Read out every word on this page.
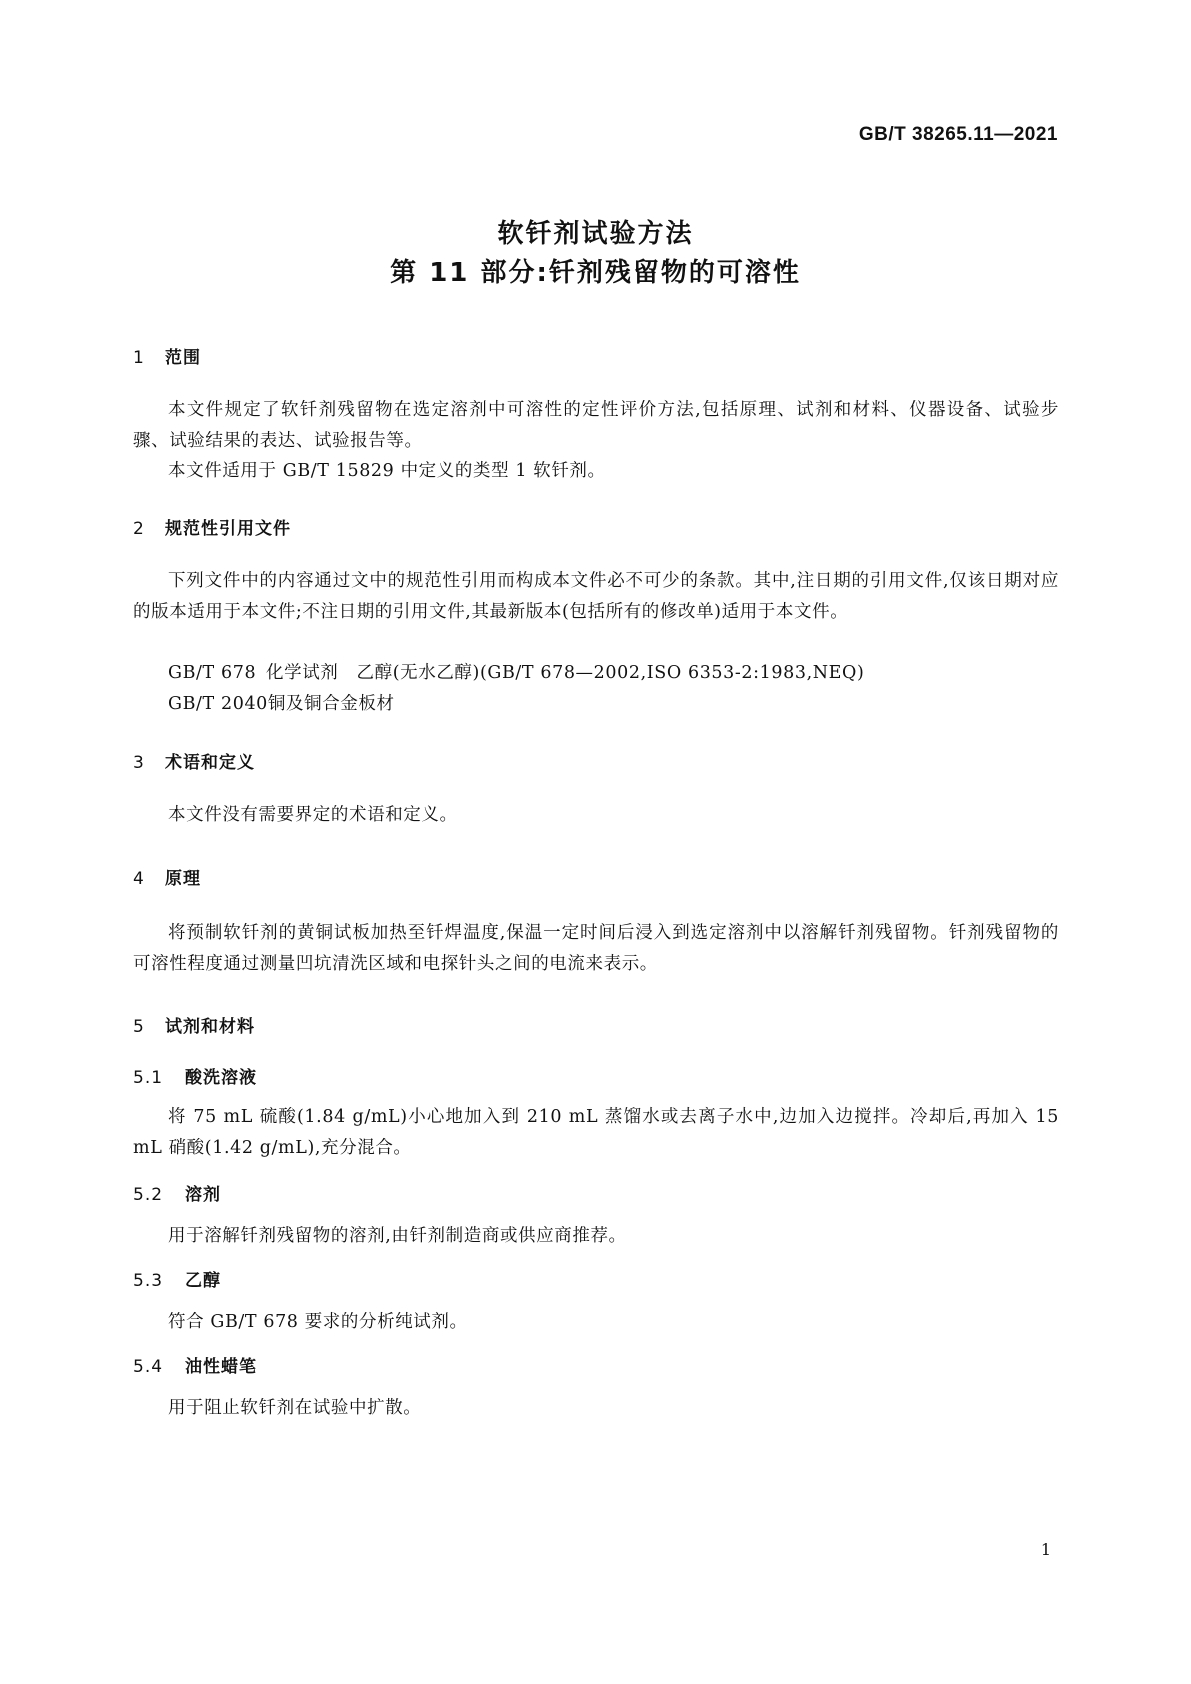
GB/T 38265.11—2021
软钎剂试验方法
第 11 部分:钎剂残留物的可溶性
1 范围

本文件规定了软钎剂残留物在选定溶剂中可溶性的定性评价方法,包括原理、试剂和材料、仪器设备、试验步骤、试验结果的表达、试验报告等。

本文件适用于 GB/T 15829 中定义的类型 1 软钎剂。

2 规范性引用文件

下列文件中的内容通过文中的规范性引用而构成本文件必不可少的条款。其中,注日期的引用文件,仅该日期对应的版本适用于本文件;不注日期的引用文件,其最新版本(包括所有的修改单)适用于本文件。

GB/T 678 化学试剂　乙醇(无水乙醇)(GB/T 678—2002,ISO 6353-2:1983,NEQ)
GB/T 2040铜及铜合金板材
3 术语和定义

本文件没有需要界定的术语和定义。

4 原理

将预制软钎剂的黄铜试板加热至钎焊温度,保温一定时间后浸入到选定溶剂中以溶解钎剂残留物。钎剂残留物的可溶性程度通过测量凹坑清洗区域和电探针头之间的电流来表示。

5 试剂和材料
5.1 酸洗溶液

将 75 mL 硫酸(1.84 g/mL)小心地加入到 210 mL 蒸馏水或去离子水中,边加入边搅拌。冷却后,再加入 15 mL 硝酸(1.42 g/mL),充分混合。

5.2 溶剂

用于溶解钎剂残留物的溶剂,由钎剂制造商或供应商推荐。

5.3 乙醇

符合 GB/T 678 要求的分析纯试剂。

5.4 油性蜡笔

用于阻止软钎剂在试验中扩散。

1
